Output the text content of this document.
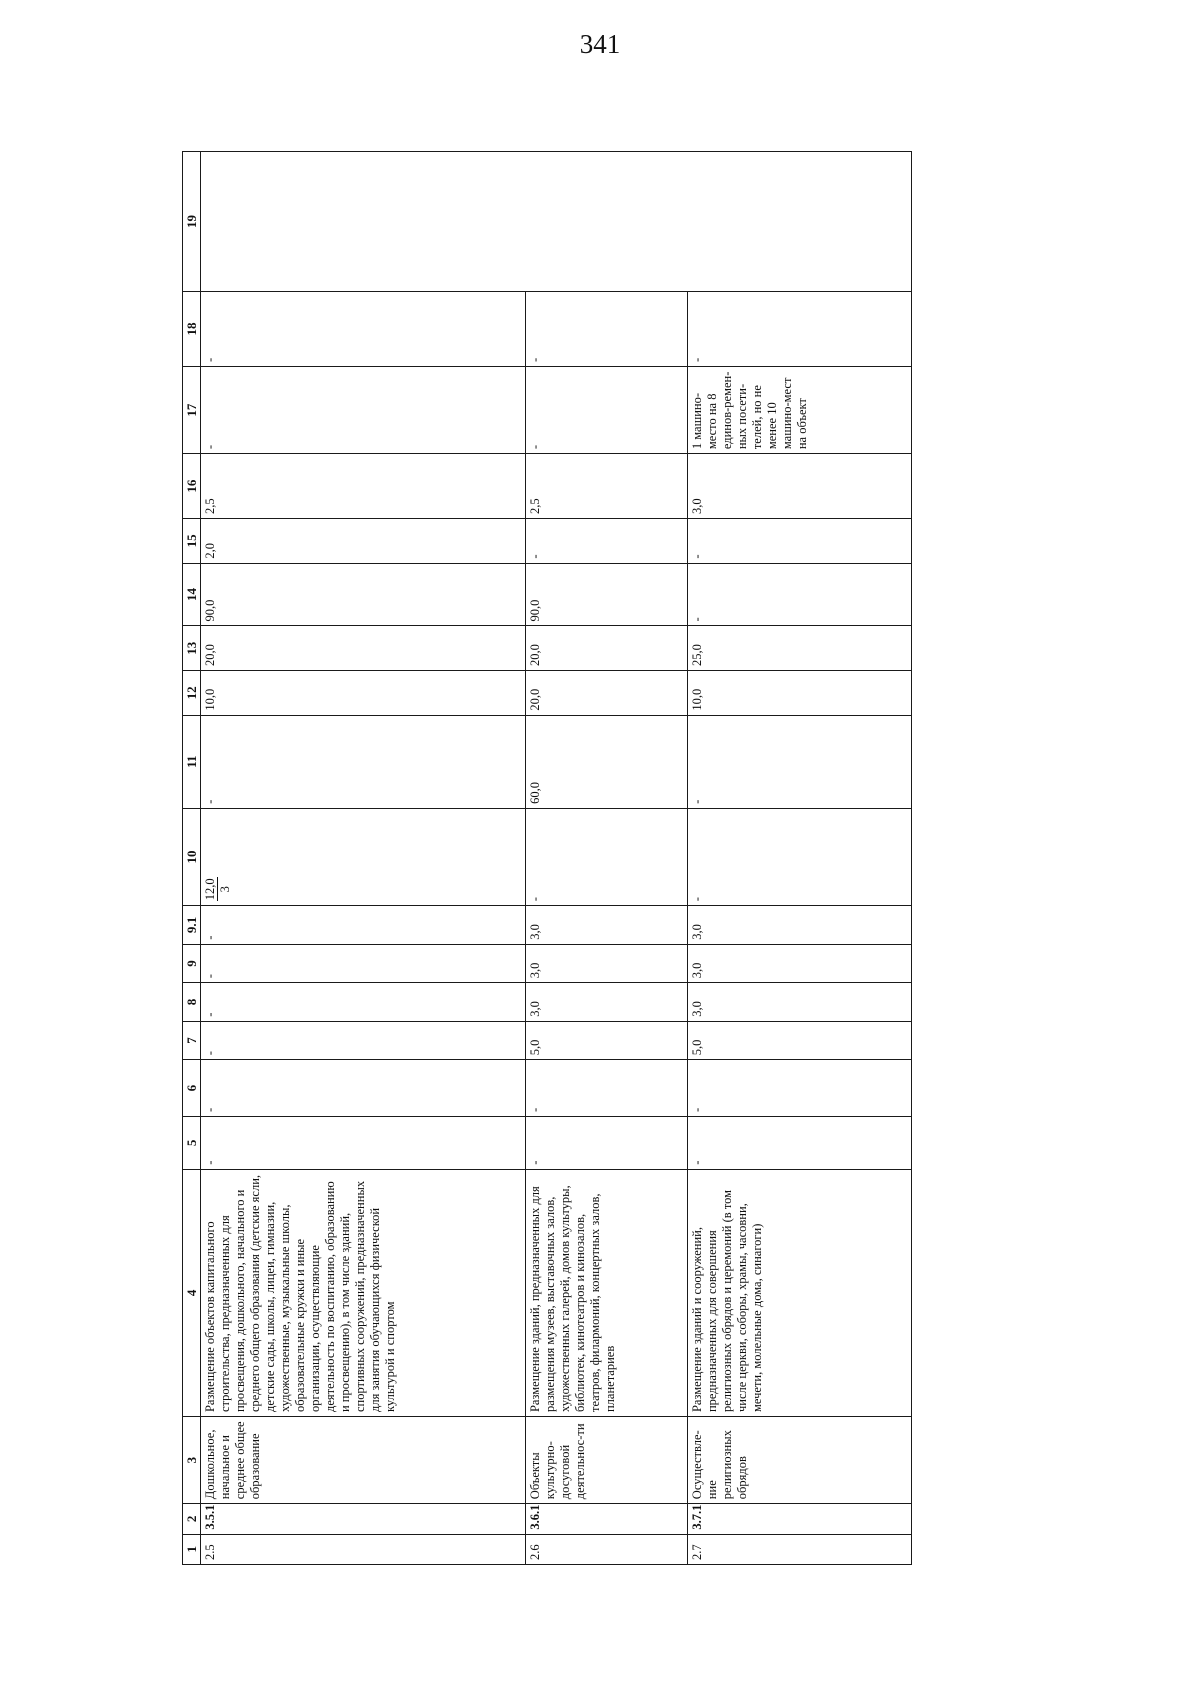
341
1	2	3	4	5	6	7	8	9	9.1	10	11	12	13	14	15	16	17	18	19
2.5	3.5.1	Дошкольное, начальное и среднее общее образование	Размещение объектов капитального строительства, предназначенных для просвещения, дошкольного, начального и среднего общего образования (детские ясли, детские сады, школы, лицеи, гимназии, художественные, музыкальные школы, образовательные кружки и иные организации, осуществляющие деятельность по воспитанию, образованию и просвещению), в том числе зданий, спортивных сооружений, предназначенных для занятия обучающихся физической культурой и спортом	-	-	-	-	-	-	12,0 3	-	10,0	20,0	90,0	2,0	2,5	-	-	
2.6	3.6.1	Объекты культурно-досуговой деятельнос-ти	Размещение зданий, предназначенных для размещения музеев, выставочных залов, художественных галерей, домов культуры, библиотек, кинотеатров и кинозалов, театров, филармоний, концертных залов, планетариев	-	-	5,0	3,0	3,0	3,0	-	60,0	20,0	20,0	90,0	-	2,5	-	-	
2.7	3.7.1	Осуществле-ние религиозных обрядов	Размещение зданий и сооружений, предназначенных для совершения религиозных обрядов и церемоний (в том числе церкви, соборы, храмы, часовни, мечети, молельные дома, синагоги)	-	-	5,0	3,0	3,0	3,0	-	-	10,0	25,0	-	-	3,0	1 машино-место на 8 единов-ремен-ных посети-телей, но не менее 10 машино-мест на объект	-	
